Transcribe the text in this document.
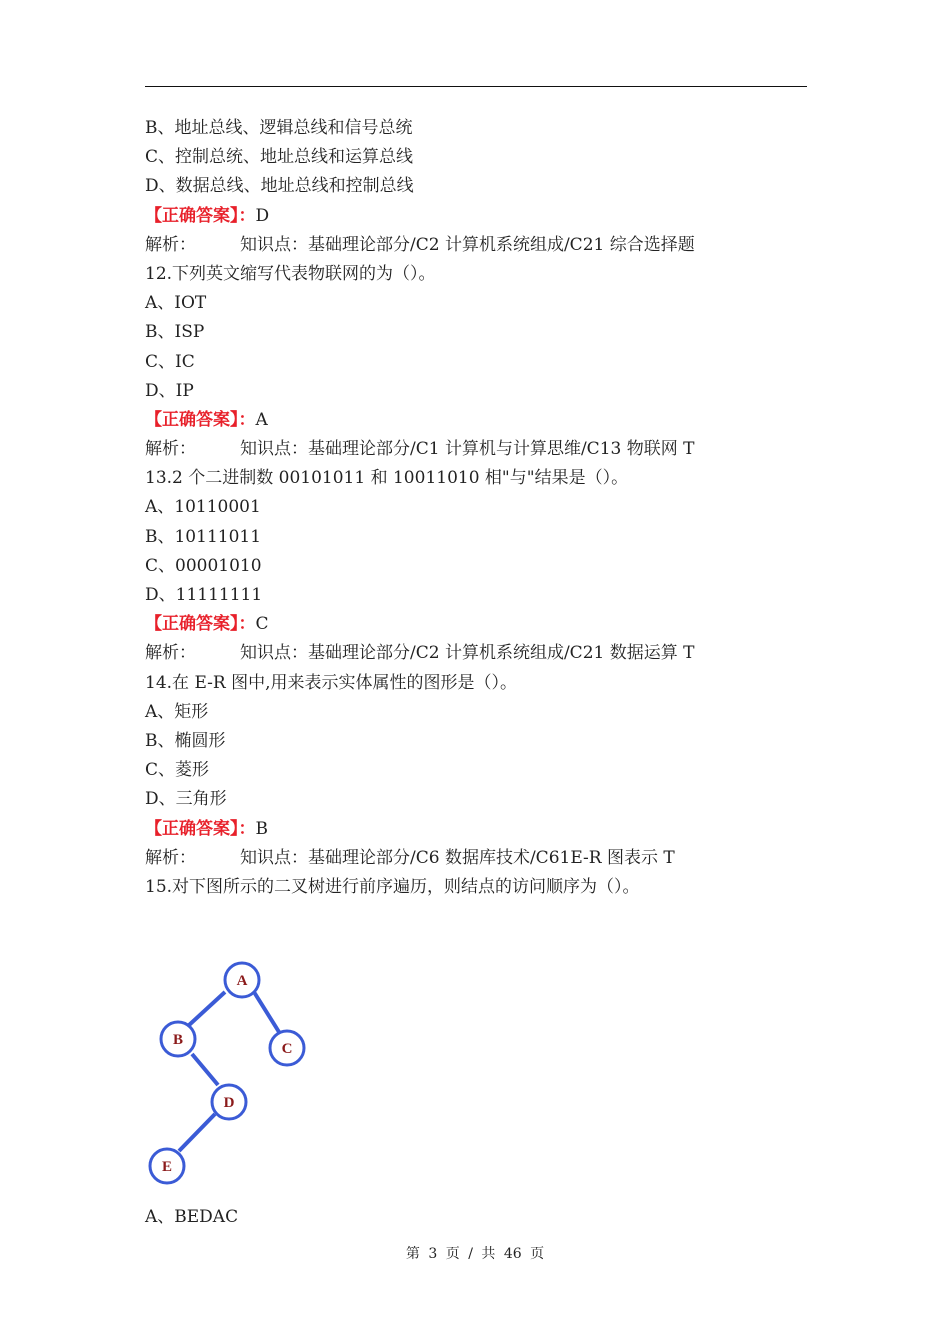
B、地址总线、逻辑总线和信号总统
C、控制总统、地址总线和运算总线
D、数据总线、地址总线和控制总线
【正确答案】：D
解析：	知识点：基础理论部分/C2 计算机系统组成/C21 综合选择题
12.下列英文缩写代表物联网的为（）。
A、IOT
B、ISP
C、IC
D、IP
【正确答案】：A
解析：	知识点：基础理论部分/C1 计算机与计算思维/C13 物联网 T
13.2 个二进制数 00101011 和 10011010 相"与"结果是（）。
A、10110001
B、10111011
C、00001010
D、11111111
【正确答案】：C
解析：	知识点：基础理论部分/C2 计算机系统组成/C21 数据运算 T
14.在 E-R 图中,用来表示实体属性的图形是（）。
A、矩形
B、椭圆形
C、菱形
D、三角形
【正确答案】：B
解析：	知识点：基础理论部分/C6 数据库技术/C61E-R 图表示 T
15.对下图所示的二叉树进行前序遍历，则结点的访问顺序为（）。
A
B
C
D
E
A、BEDAC
第 3 页 / 共 46 页
